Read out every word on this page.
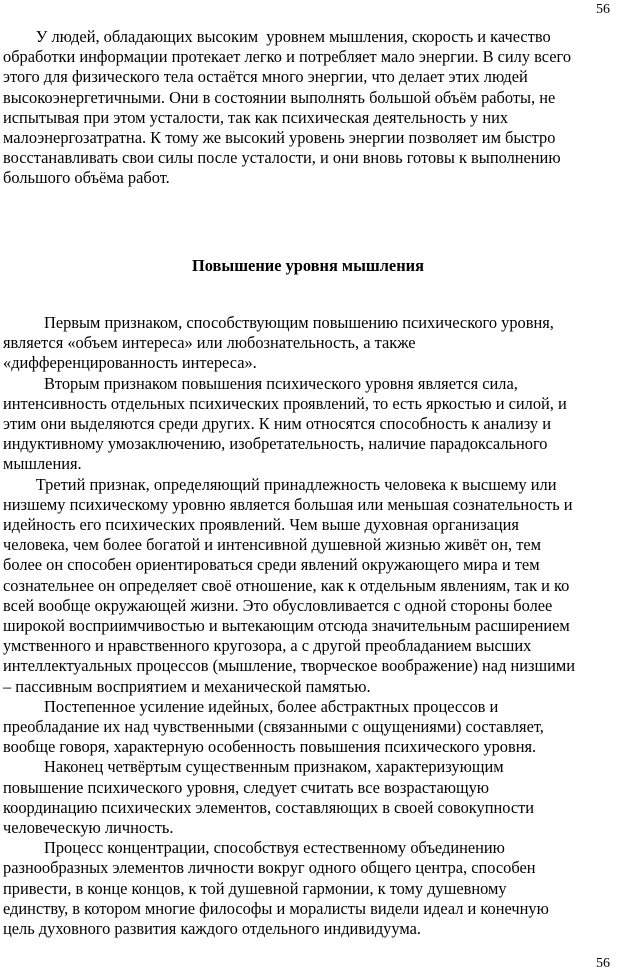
56

У людей, обладающих высоким  уровнем мышления, скорость и качество
обработки информации протекает легко и потребляет мало энергии. В силу всего
этого для физического тела остаётся много энергии, что делает этих людей
высокоэнергетичными. Они в состоянии выполнять большой объём работы, не
испытывая при этом усталости, так как психическая деятельность у них
малоэнергозатратна. К тому же высокий уровень энергии позволяет им быстро
восстанавливать свои силы после усталости, и они вновь готовы к выполнению
большого объёма работ.

Повышение уровня мышления

Первым признаком, способствующим повышению психического уровня,
является «объем интереса» или любознательность, а также
«дифференцированность интереса».
Вторым признаком повышения психического уровня является сила,
интенсивность отдельных психических проявлений, то есть яркостью и силой, и
этим они выделяются среди других. К ним относятся способность к анализу и
индуктивному умозаключению, изобретательность, наличие парадоксального
мышления.
Третий признак, определяющий принадлежность человека к высшему или
низшему психическому уровню является большая или меньшая сознательность и
идейность его психических проявлений. Чем выше духовная организация
человека, чем более богатой и интенсивной душевной жизнью живёт он, тем
более он способен ориентироваться среди явлений окружающего мира и тем
сознательнее он определяет своё отношение, как к отдельным явлениям, так и ко
всей вообще окружающей жизни. Это обусловливается с одной стороны более
широкой восприимчивостью и вытекающим отсюда значительным расширением
умственного и нравственного кругозора, а с другой преобладанием высших
интеллектуальных процессов (мышление, творческое воображение) над низшими
– пассивным восприятием и механической памятью.
Постепенное усиление идейных, более абстрактных процессов и
преобладание их над чувственными (связанными с ощущениями) составляет,
вообще говоря, характерную особенность повышения психического уровня.
Наконец четвёртым существенным признаком, характеризующим
повышение психического уровня, следует считать все возрастающую
координацию психических элементов, составляющих в своей совокупности
человеческую личность.
Процесс концентрации, способствуя естественному объединению
разнообразных элементов личности вокруг одного общего центра, способен
привести, в конце концов, к той душевной гармонии, к тому душевному
единству, в котором многие философы и моралисты видели идеал и конечную
цель духовного развития каждого отдельного индивидуума.

56
